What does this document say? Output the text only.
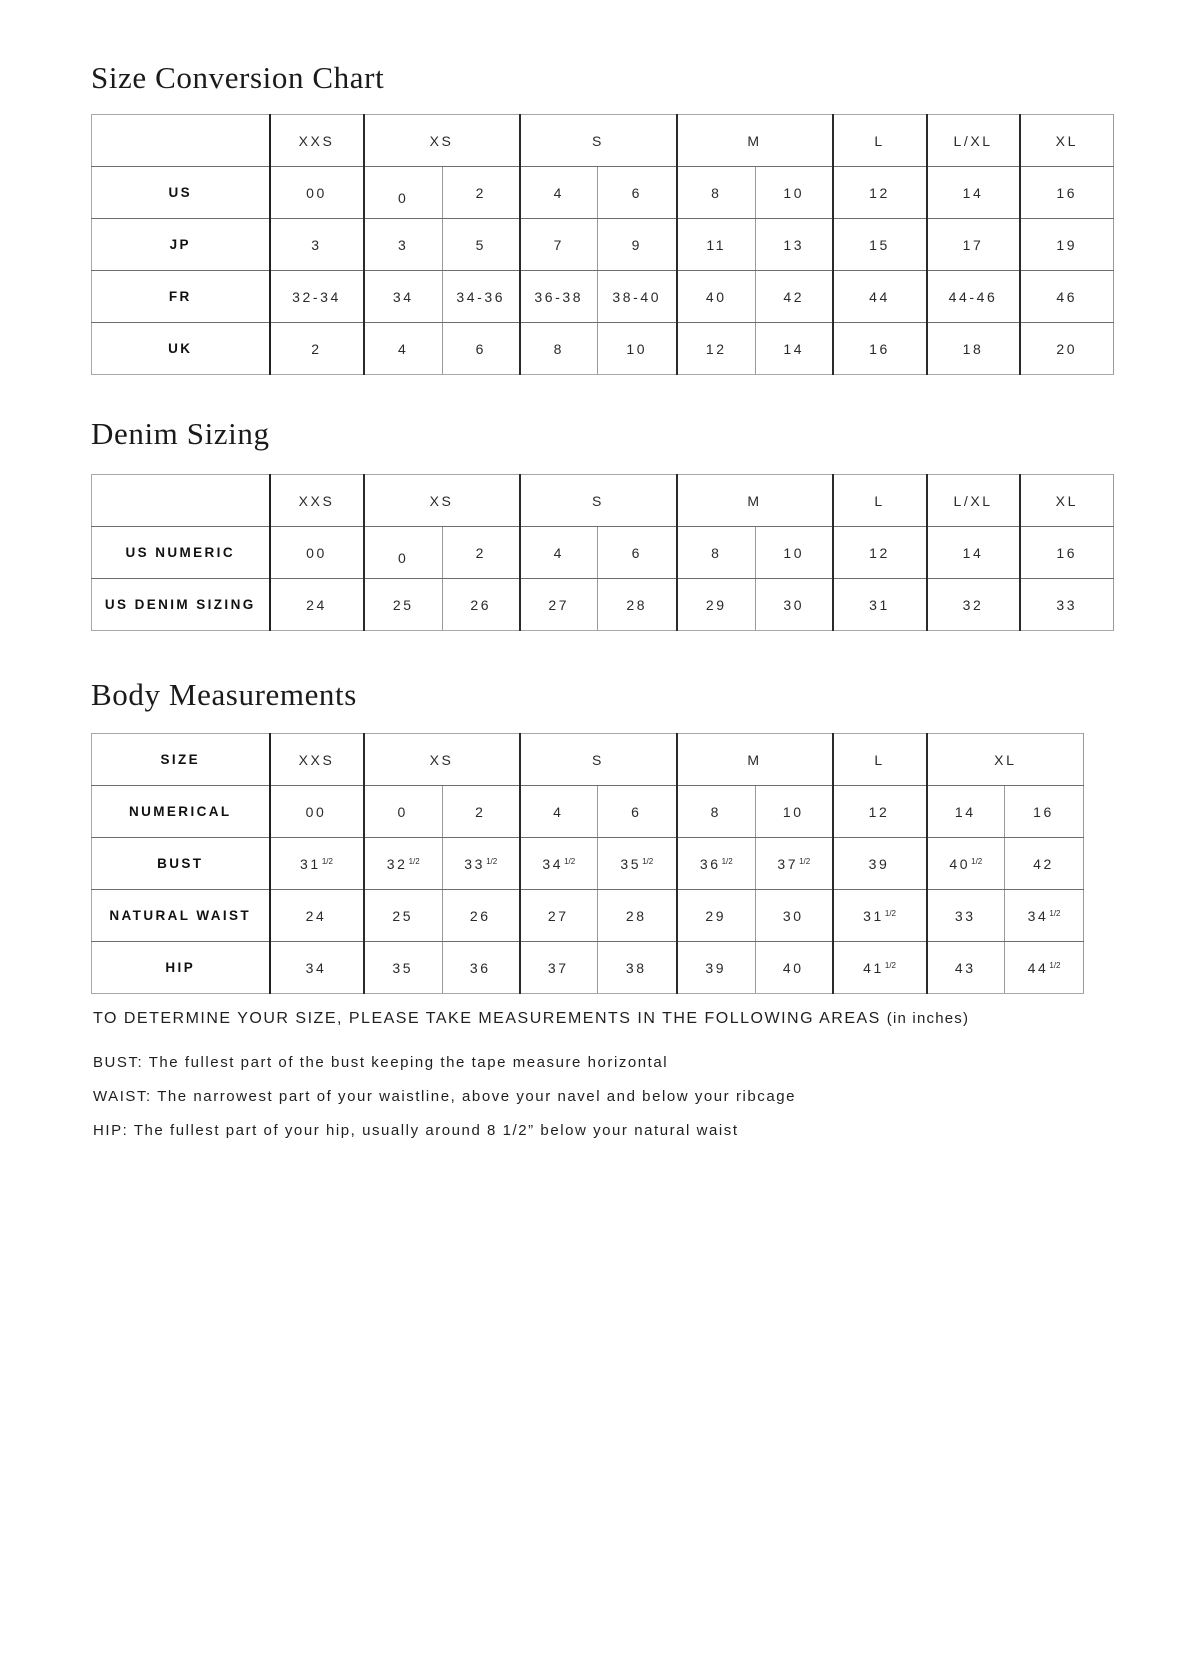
Size Conversion Chart
	XXS	XS		S		M		L	L/XL	XL
US	00	0	2	4	6	8	10	12	14	16
JP	3	3	5	7	9	11	13	15	17	19
FR	32-34	34	34-36	36-38	38-40	40	42	44	44-46	46
UK	2	4	6	8	10	12	14	16	18	20
Denim Sizing
	XXS	XS		S		M		L	L/XL	XL
US NUMERIC	00	0	2	4	6	8	10	12	14	16
US DENIM SIZING	24	25	26	27	28	29	30	31	32	33
Body Measurements
SIZE	XXS	XS		S		M		L	XL	
NUMERICAL	00	0	2	4	6	8	10	12	14	16
BUST	$31^{1/2}$	$32^{1/2}$	$33^{1/2}$	$34^{1/2}$	$35^{1/2}$	$36^{1/2}$	$37^{1/2}$	39	$40^{1/2}$	42
NATURAL WAIST	24	25	26	27	28	29	30	$31^{1/2}$	33	$34^{1/2}$
HIP	34	35	36	37	38	39	40	$41^{1/2}$	43	$44^{1/2}$

TO DETERMINE YOUR SIZE, PLEASE TAKE MEASUREMENTS IN THE FOLLOWING AREAS (in inches)

BUST: The fullest part of the bust keeping the tape measure horizontal

WAIST: The narrowest part of your waistline, above your navel and below your ribcage

HIP: The fullest part of your hip, usually around 8 1/2” below your natural waist
